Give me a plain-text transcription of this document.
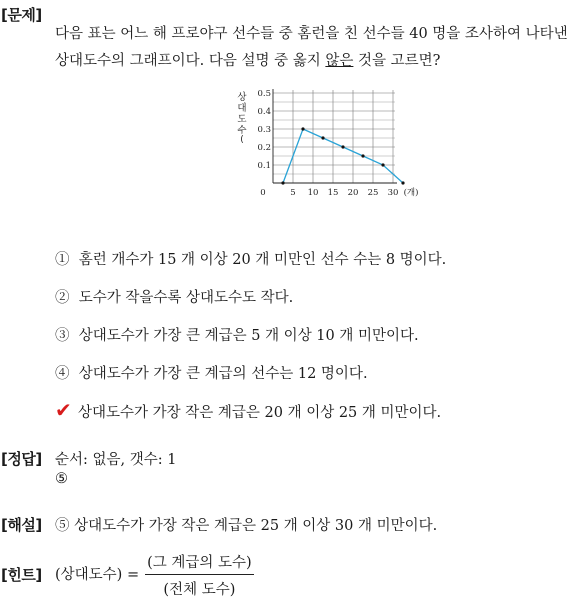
[문제]
다음 표는 어느 해 프로야구 선수들 중 홈런을 친 선수들 40 명을 조사하여 나타낸
상대도수의 그래프이다. 다음 설명 중 옳지 않은 것을 고르면?
0.1
0.2
0.3
0.4
0.5
0	5 10 15 20 25 30 (개)
상 대 도 수
(
① 홈런 개수가 15 개 이상 20 개 미만인 선수 수는 8 명이다.
② 도수가 작을수록 상대도수도 작다.
③ 상대도수가 가장 큰 계급은 5 개 이상 10 개 미만이다.
④ 상대도수가 가장 큰 계급의 선수는 12 명이다.
✔ 상대도수가 가장 작은 계급은 20 개 이상 25 개 미만이다.
[정답] 순서: 없음, 갯수: 1
⑤
[해설] ⑤ 상대도수가 가장 작은 계급은 25 개 이상 30 개 미만이다.
[힌트] (상대도수) = $\frac{\text{(그 계급의 도수)}}{\text{(전체 도수)}}$
